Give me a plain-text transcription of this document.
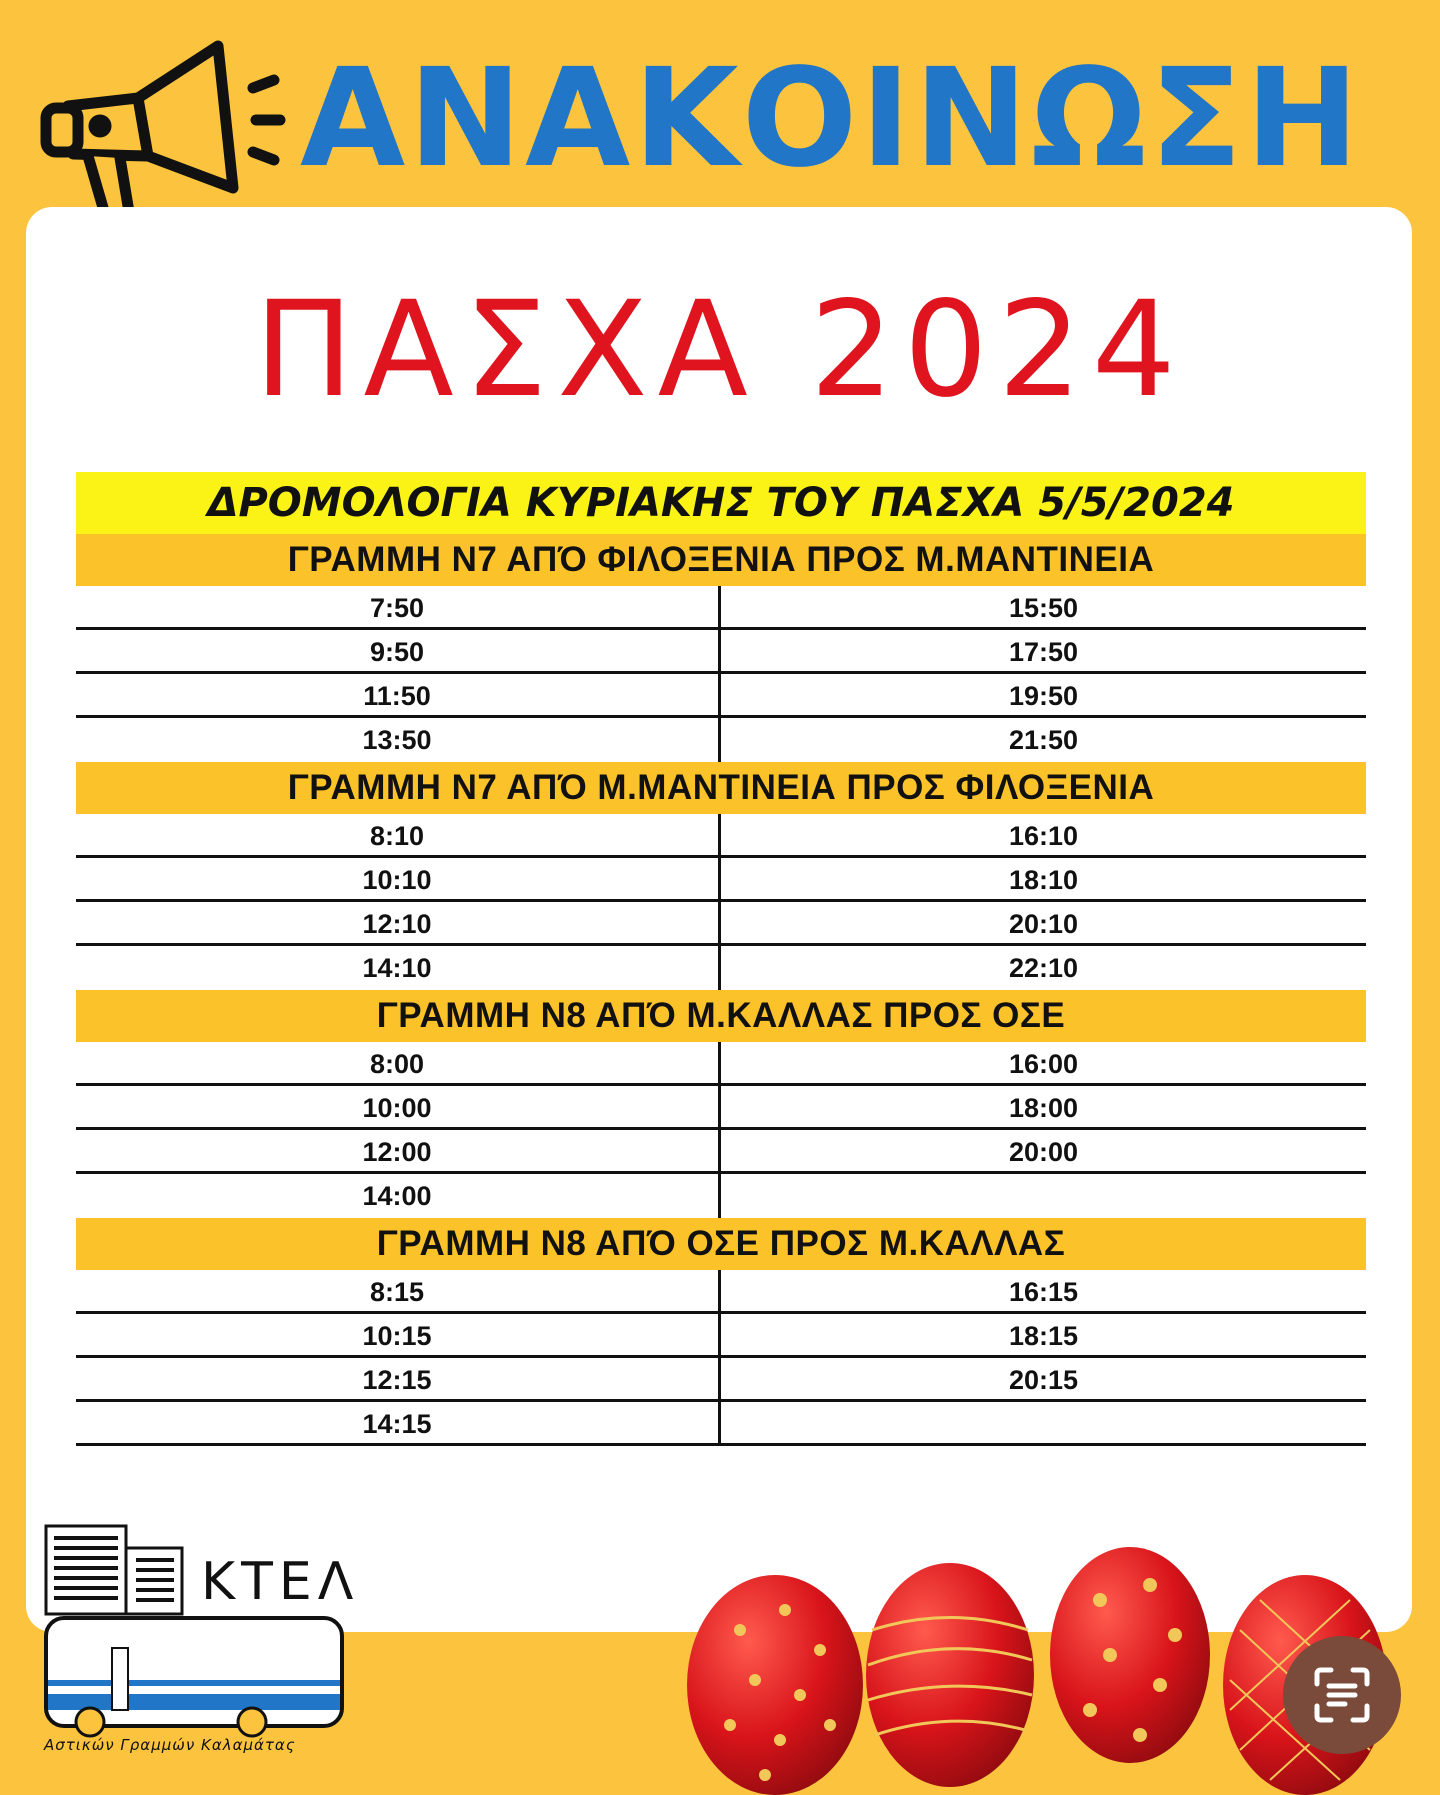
ΑΝΑΚΟΙΝΩΣΗ
ΠΑΣΧΑ 2024
ΔΡΟΜΟΛΟΓΙΑ ΚΥΡΙΑΚΗΣ ΤΟΥ ΠΑΣΧΑ 5/5/2024
ΓΡΑΜΜΗ Ν7 ΑΠΌ ΦΙΛΟΞΕΝΙΑ ΠΡΟΣ Μ.ΜΑΝΤΙΝΕΙΑ
7:50	15:50
9:50	17:50
11:50	19:50
13:50	21:50
ΓΡΑΜΜΗ Ν7 ΑΠΌ Μ.ΜΑΝΤΙΝΕΙΑ ΠΡΟΣ ΦΙΛΟΞΕΝΙΑ
8:10	16:10
10:10	18:10
12:10	20:10
14:10	22:10
ΓΡΑΜΜΗ Ν8 ΑΠΌ Μ.ΚΑΛΛΑΣ ΠΡΟΣ ΟΣΕ
8:00	16:00
10:00	18:00
12:00	20:00
14:00
ΓΡΑΜΜΗ Ν8 ΑΠΌ ΟΣΕ ΠΡΟΣ Μ.ΚΑΛΛΑΣ
8:15	16:15
10:15	18:15
12:15	20:15
14:15
ΚΤΕΛ
Αστικών Γραμμών Καλαμάτας
